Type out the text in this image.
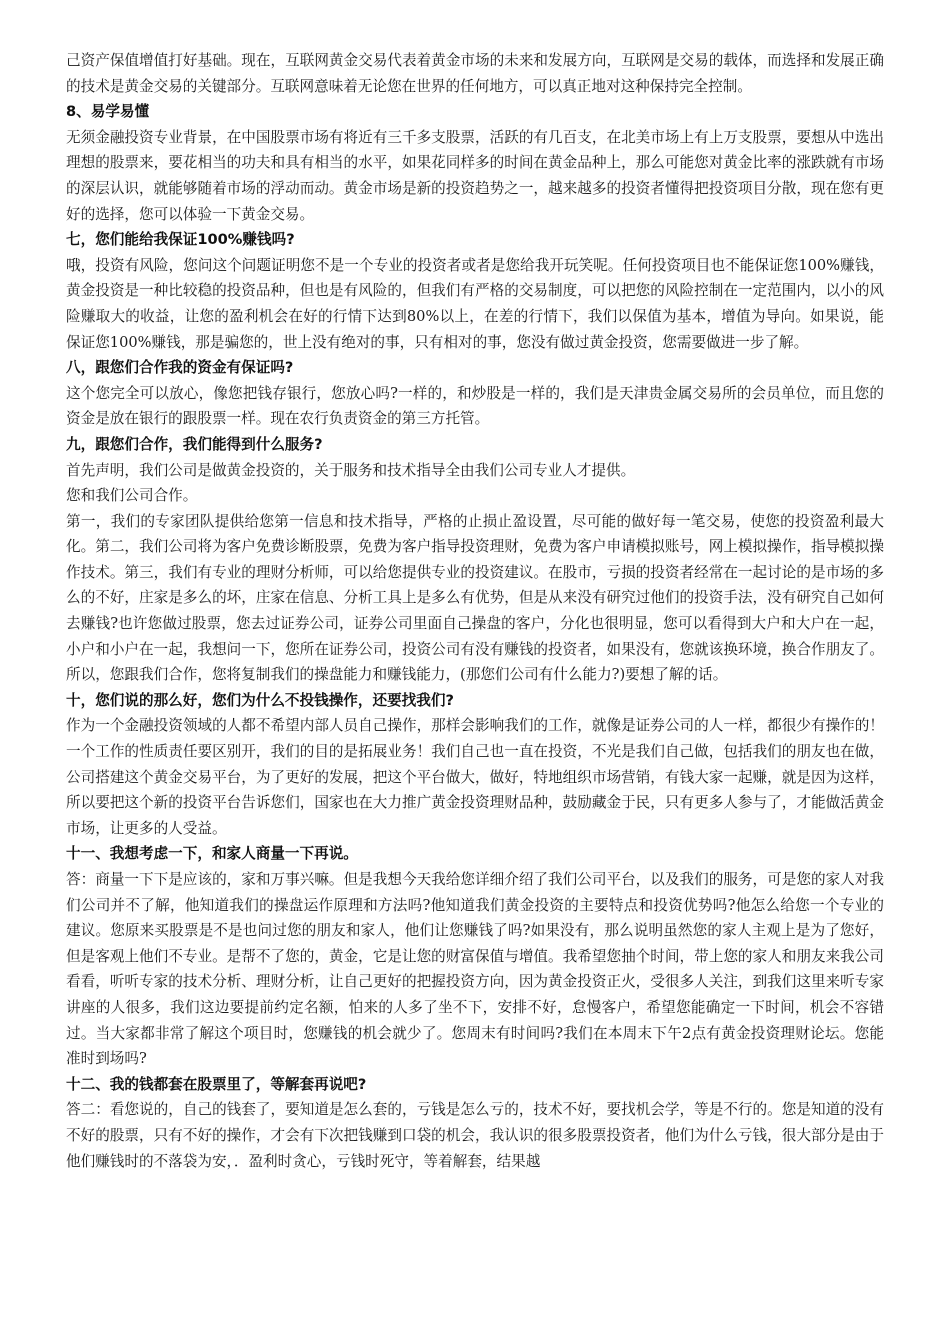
己资产保值增值打好基础。现在，互联网黄金交易代表着黄金市场的未来和发展方向，互联网是交易的载体，而选择和发展正确的技术是黄金交易的关键部分。互联网意味着无论您在世界的任何地方，可以真正地对这种保持完全控制。

8、易学易懂

无须金融投资专业背景，在中国股票市场有将近有三千多支股票，活跃的有几百支，在北美市场上有上万支股票，要想从中选出理想的股票来，要花相当的功夫和具有相当的水平，如果花同样多的时间在黄金品种上，那么可能您对黄金比率的涨跌就有市场的深层认识，就能够随着市场的浮动而动。黄金市场是新的投资趋势之一，越来越多的投资者懂得把投资项目分散，现在您有更好的选择，您可以体验一下黄金交易。

七，您们能给我保证100%赚钱吗?

哦，投资有风险，您问这个问题证明您不是一个专业的投资者或者是您给我开玩笑呢。任何投资项目也不能保证您100%赚钱，黄金投资是一种比较稳的投资品种，但也是有风险的，但我们有严格的交易制度，可以把您的风险控制在一定范围内，以小的风险赚取大的收益，让您的盈利机会在好的行情下达到80%以上，在差的行情下，我们以保值为基本，增值为导向。如果说，能保证您100%赚钱，那是骗您的，世上没有绝对的事，只有相对的事，您没有做过黄金投资，您需要做进一步了解。

八，跟您们合作我的资金有保证吗?

这个您完全可以放心，像您把钱存银行，您放心吗?一样的，和炒股是一样的，我们是天津贵金属交易所的会员单位，而且您的资金是放在银行的跟股票一样。现在农行负责资金的第三方托管。

九，跟您们合作，我们能得到什么服务?

首先声明，我们公司是做黄金投资的，关于服务和技术指导全由我们公司专业人才提供。

您和我们公司合作。

第一，我们的专家团队提供给您第一信息和技术指导，严格的止损止盈设置，尽可能的做好每一笔交易，使您的投资盈利最大化。第二，我们公司将为客户免费诊断股票，免费为客户指导投资理财，免费为客户申请模拟账号，网上模拟操作，指导模拟操作技术。第三，我们有专业的理财分析师，可以给您提供专业的投资建议。在股市，亏损的投资者经常在一起讨论的是市场的多么的不好，庄家是多么的坏，庄家在信息、分析工具上是多么有优势，但是从来没有研究过他们的投资手法，没有研究自己如何去赚钱?也许您做过股票，您去过证券公司，证券公司里面自己操盘的客户，分化也很明显，您可以看得到大户和大户在一起，小户和小户在一起，我想问一下，您所在证券公司，投资公司有没有赚钱的投资者，如果没有，您就该换环境，换合作朋友了。所以，您跟我们合作，您将复制我们的操盘能力和赚钱能力，(那您们公司有什么能力?)要想了解的话。

十，您们说的那么好，您们为什么不投钱操作，还要找我们?

作为一个金融投资领域的人都不希望内部人员自己操作，那样会影响我们的工作，就像是证券公司的人一样，都很少有操作的！一个工作的性质责任要区别开，我们的目的是拓展业务！我们自己也一直在投资，不光是我们自己做，包括我们的朋友也在做，公司搭建这个黄金交易平台，为了更好的发展，把这个平台做大，做好，特地组织市场营销，有钱大家一起赚，就是因为这样，所以要把这个新的投资平台告诉您们，国家也在大力推广黄金投资理财品种，鼓励藏金于民，只有更多人参与了，才能做活黄金市场，让更多的人受益。

十一、我想考虑一下，和家人商量一下再说。

答：商量一下下是应该的，家和万事兴嘛。但是我想今天我给您详细介绍了我们公司平台，以及我们的服务，可是您的家人对我们公司并不了解，他知道我们的操盘运作原理和方法吗?他知道我们黄金投资的主要特点和投资优势吗?他怎么给您一个专业的建议。您原来买股票是不是也问过您的朋友和家人，他们让您赚钱了吗?如果没有，那么说明虽然您的家人主观上是为了您好，但是客观上他们不专业。是帮不了您的，黄金，它是让您的财富保值与增值。我希望您抽个时间，带上您的家人和朋友来我公司看看，听听专家的技术分析、理财分析，让自己更好的把握投资方向，因为黄金投资正火，受很多人关注，到我们这里来听专家讲座的人很多，我们这边要提前约定名额，怕来的人多了坐不下，安排不好，怠慢客户，希望您能确定一下时间，机会不容错过。当大家都非常了解这个项目时，您赚钱的机会就少了。您周末有时间吗?我们在本周末下午2点有黄金投资理财论坛。您能准时到场吗?

十二、我的钱都套在股票里了，等解套再说吧?

答二：看您说的，自己的钱套了，要知道是怎么套的，亏钱是怎么亏的，技术不好，要找机会学，等是不行的。您是知道的没有不好的股票，只有不好的操作，才会有下次把钱赚到口袋的机会，我认识的很多股票投资者，他们为什么亏钱，很大部分是由于他们赚钱时的不落袋为安，．盈利时贪心，亏钱时死守，等着解套，结果越
